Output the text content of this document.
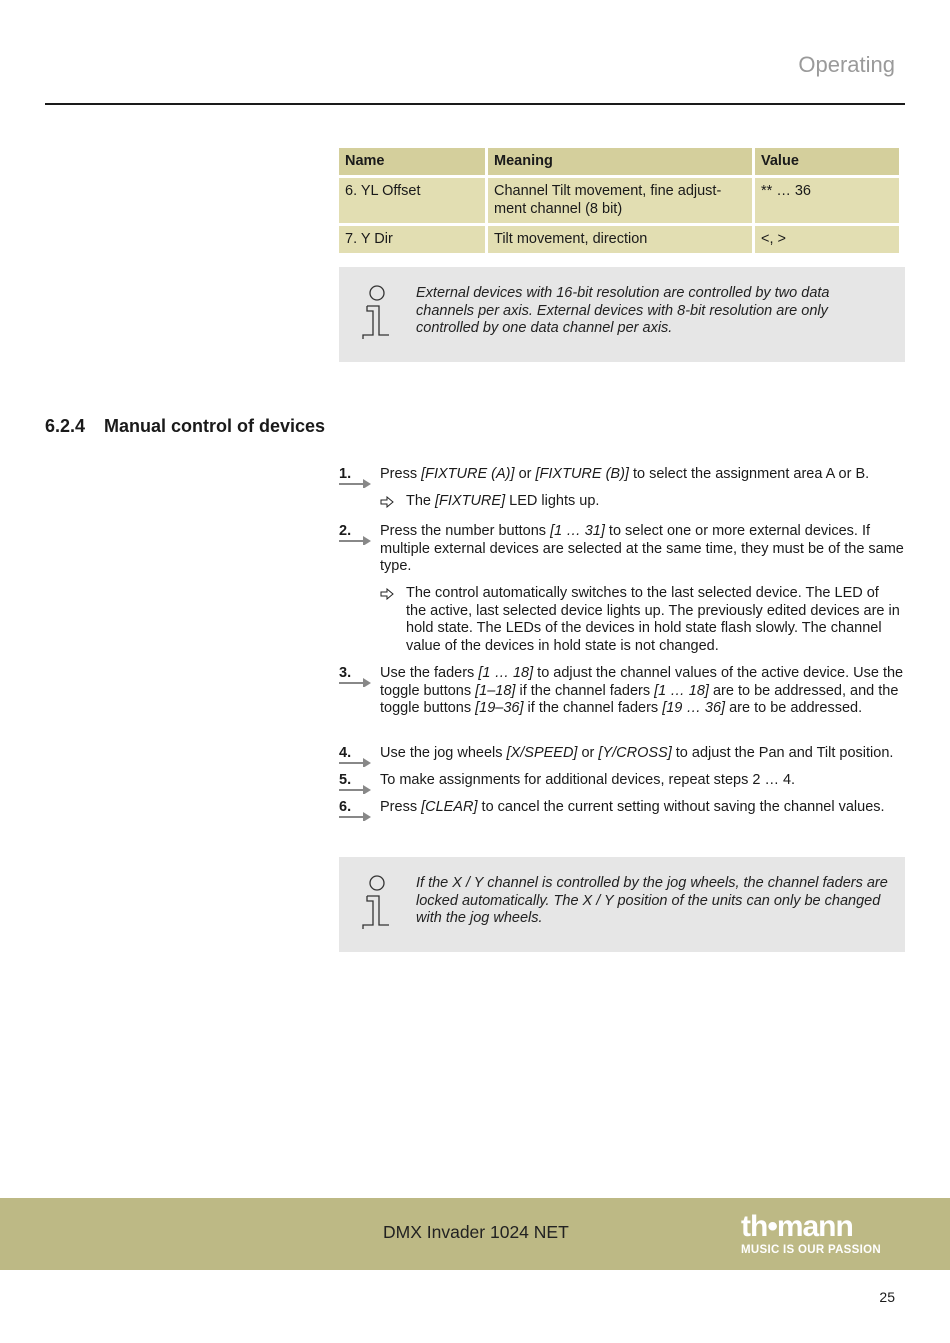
Operating
Name	Meaning	Value
6. YL Offset	Channel Tilt movement, fine adjust-ment channel (8 bit)	** … 36
7. Y Dir	Tilt movement, direction	<, >
External devices with 16-bit resolution are controlled by two data channels per axis. External devices with 8-bit resolution are only controlled by one data channel per axis.
6.2.4 Manual control of devices
1. Press [FIXTURE (A)] or [FIXTURE (B)] to select the assignment area A or B.
The [FIXTURE] LED lights up.
2. Press the number buttons [1 … 31] to select one or more external devices. If multiple external devices are selected at the same time, they must be of the same type.
The control automatically switches to the last selected device. The LED of the active, last selected device lights up. The previously edited devices are in hold state. The LEDs of the devices in hold state flash slowly. The channel value of the devices in hold state is not changed.
3. Use the faders [1 … 18] to adjust the channel values of the active device. Use the toggle buttons [1–18] if the channel faders [1 … 18] are to be addressed, and the toggle buttons [19–36] if the channel faders [19 … 36] are to be addressed.
4. Use the jog wheels [X/SPEED] or [Y/CROSS] to adjust the Pan and Tilt position.
5. To make assignments for additional devices, repeat steps 2 … 4.
6. Press [CLEAR] to cancel the current setting without saving the channel values.
If the X / Y channel is controlled by the jog wheels, the channel faders are locked automatically. The X / Y position of the units can only be changed with the jog wheels.
DMX Invader 1024 NET	th•mann
MUSIC IS OUR PASSION
25
